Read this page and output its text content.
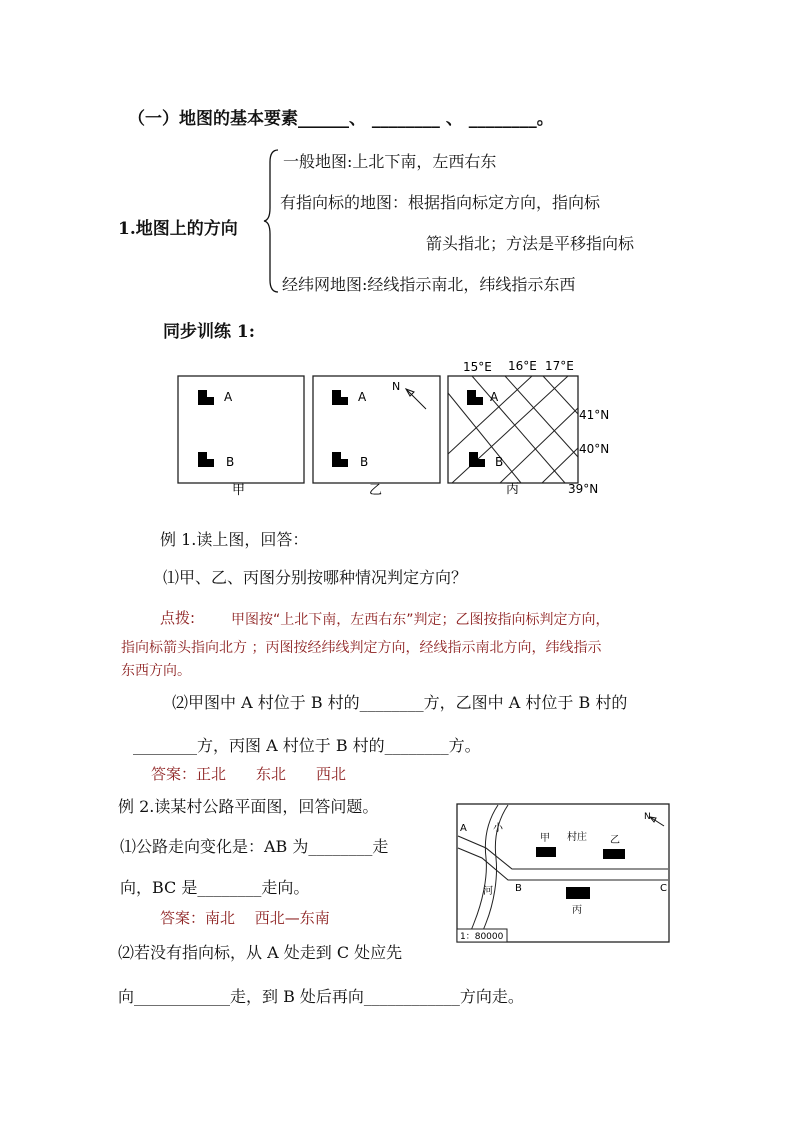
（一）地图的基本要素______、 ________ 、 ________。
1.地图上的方向
一般地图:上北下南，左西右东
有指向标的地图：根据指向标定方向，指向标
箭头指北；方法是平移指向标
经纬网地图:经线指示南北，纬线指示东西
同步训练 1:
A
B
甲
A
B
N
乙
A
B
15°E 16°E 17°E
41°N
40°N
39°N
丙
例 1.读上图，回答：
⑴甲、乙、丙图分别按哪种情况判定方向？
点拨:	甲图按“上北下南，左西右东”判定；乙图按指向标判定方向，
指向标箭头指向北方 ；丙图按经纬线判定方向，经线指示南北方向，纬线指示
东西方向。
⑵甲图中 A 村位于 B 村的________方，乙图中 A 村位于 B 村的
________方，丙图 A 村位于 B 村的________方。
答案：正北　　东北　　西北
例 2.读某村公路平面图，回答问题。
⑴公路走向变化是：AB 为________走
向，BC 是________走向。
答案：南北　 西北—东南
⑵若没有指向标，从 A 处走到 C 处应先
向____________走，到 B 处后再向____________方向走。
A
B	C
小
河
甲 村庄 乙
丙
N
1：80000
